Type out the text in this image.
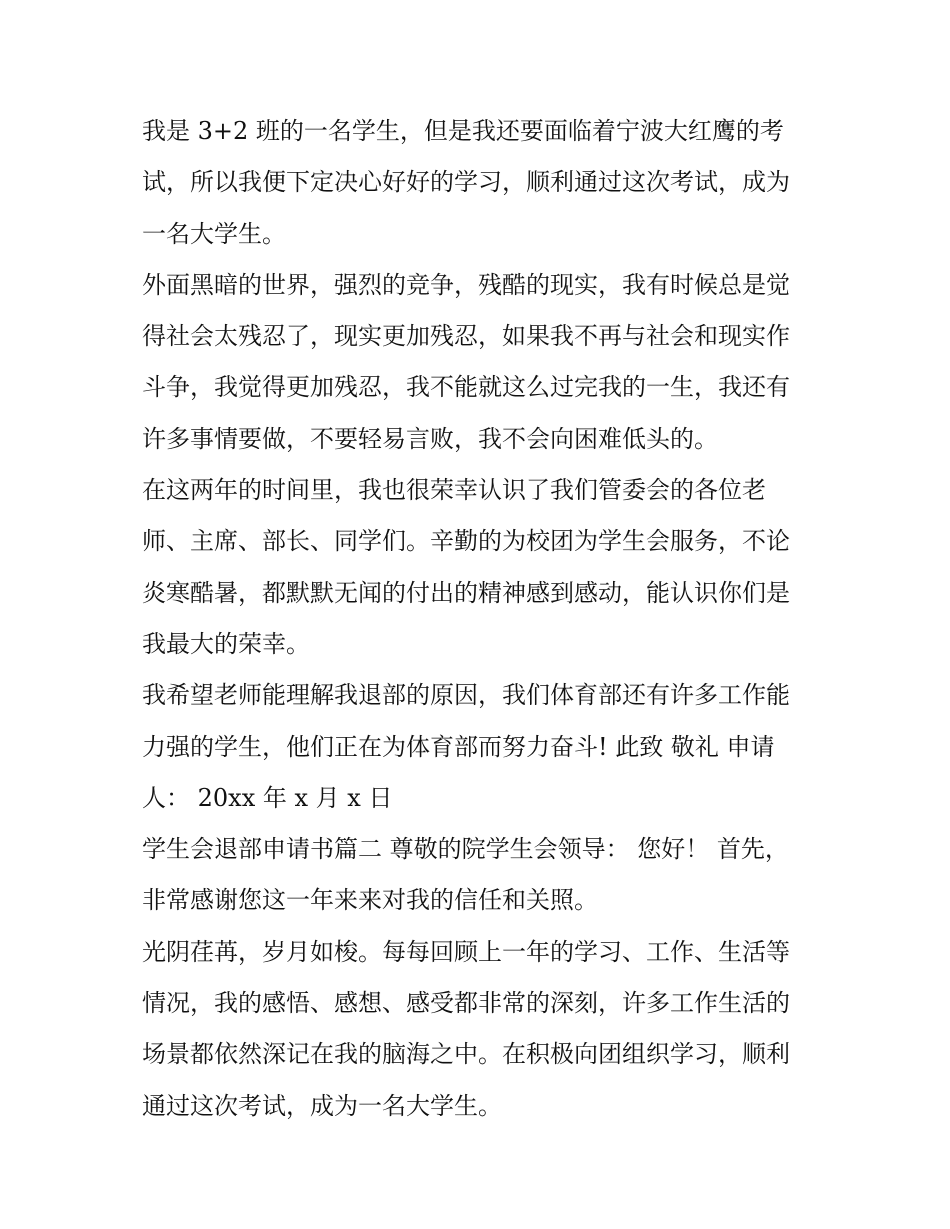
我是 3+2 班的一名学生，但是我还要面临着宁波大红鹰的考
试，所以我便下定决心好好的学习，顺利通过这次考试，成为
一名大学生。
外面黑暗的世界，强烈的竞争，残酷的现实，我有时候总是觉
得社会太残忍了，现实更加残忍，如果我不再与社会和现实作
斗争，我觉得更加残忍，我不能就这么过完我的一生，我还有
许多事情要做，不要轻易言败，我不会向困难低头的。
在这两年的时间里，我也很荣幸认识了我们管委会的各位老
师、主席、部长、同学们。辛勤的为校团为学生会服务，不论
炎寒酷暑，都默默无闻的付出的精神感到感动，能认识你们是
我最大的荣幸。
我希望老师能理解我退部的原因，我们体育部还有许多工作能
力强的学生，他们正在为体育部而努力奋斗! 此致 敬礼 申请
人： 20xx 年 x 月 x 日
学生会退部申请书篇二 尊敬的院学生会领导： 您好！ 首先，
非常感谢您这一年来来对我的信任和关照。
光阴荏苒，岁月如梭。每每回顾上一年的学习、工作、生活等
情况，我的感悟、感想、感受都非常的深刻，许多工作生活的
场景都依然深记在我的脑海之中。在积极向团组织学习，顺利
通过这次考试，成为一名大学生。
